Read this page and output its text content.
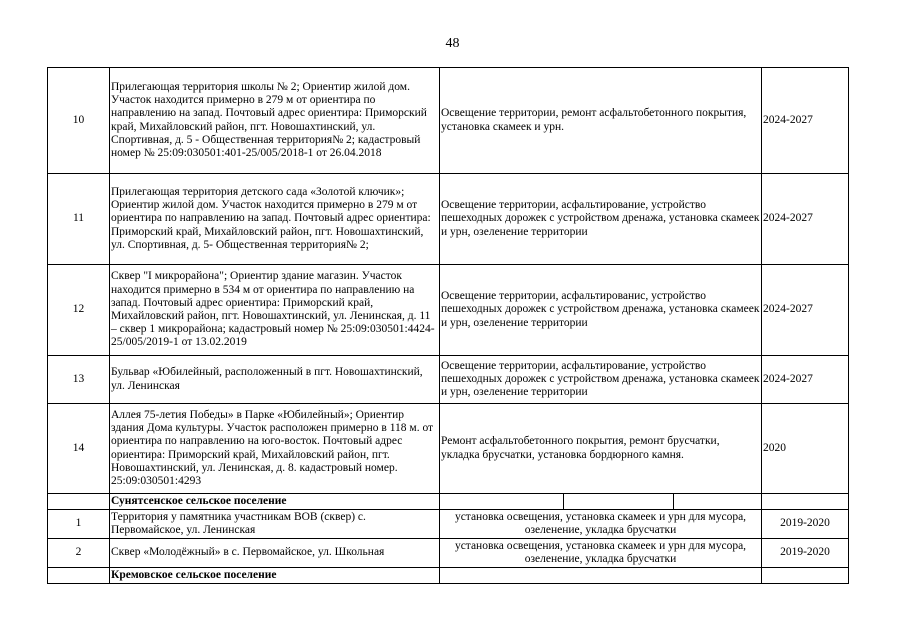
48
10	Прилегающая территория школы № 2; Ориентир жилой дом. Участок находится примерно в 279 м от ориентира по направлению на запад. Почтовый адрес ориентира: Приморский край, Михайловский район, пгт. Новошахтинский, ул. Спортивная, д. 5 - Общественная территория№ 2; кадастровый номер № 25:09:030501:401-25/005/2018-1 от 26.04.2018	Освещение территории, ремонт асфальтобетонного покрытия, установка скамеек и урн.			2024-2027
11	Прилегающая территория детского сада «Золотой ключик»; Ориентир жилой дом. Участок находится примерно в 279 м от ориентира по направлению на запад. Почтовый адрес ориентира: Приморский край, Михайловский район, пгт. Новошахтинский, ул. Спортивная, д. 5- Общественная территория№ 2;	Освещение территории, асфальтирование, устройство пешеходных дорожек с устройством дренажа, установка скамеек и урн, озеленение территории			2024-2027
12	Сквер "I микрорайона"; Ориентир здание магазин. Участок находится примерно в 534 м от ориентира по направлению на запад. Почтовый адрес ориентира: Приморский край, Михайловский район, пгт. Новошахтинский, ул. Ленинская, д. 11 – сквер 1 микрорайона; кадастровый номер № 25:09:030501:4424-25/005/2019-1 от 13.02.2019	Освещение территории, асфальтированис, устройство пешеходных дорожек с устройством дренажа, установка скамеек и урн, озеленение территории			2024-2027
13	Бульвар «Юбилейный, расположенный в пгт. Новошахтинский, ул. Ленинская	Освещение территории, асфальтирование, устройство пешеходных дорожек с устройством дренажа, установка скамеек и урн, озеленение территории			2024-2027
14	Аллея 75-летия Победы» в Парке «Юбилейный»; Ориентир здания Дома культуры. Участок расположен примерно в 118 м. от ориентира по направлению на юго-восток. Почтовый адрес ориентира: Приморский край, Михайловский район, пгт. Новошахтинский, ул. Ленинская, д. 8. кадастровый номер. 25:09:030501:4293	Ремонт асфальтобетонного покрытия, ремонт брусчатки, укладка брусчатки, установка бордюрного камня.			2020
	Сунятсенское сельское поселение				
1	Территория у памятника участникам ВОВ (сквер) с. Первомайское, ул. Ленинская	установка освещения, установка скамеек и урн для мусора, озеленение, укладка брусчатки			2019-2020
2	Сквер «Молодёжный» в с. Первомайское, ул. Школьная	установка освещения, установка скамеек и урн для мусора, озеленение, укладка брусчатки			2019-2020
	Кремовское сельское поселение				
